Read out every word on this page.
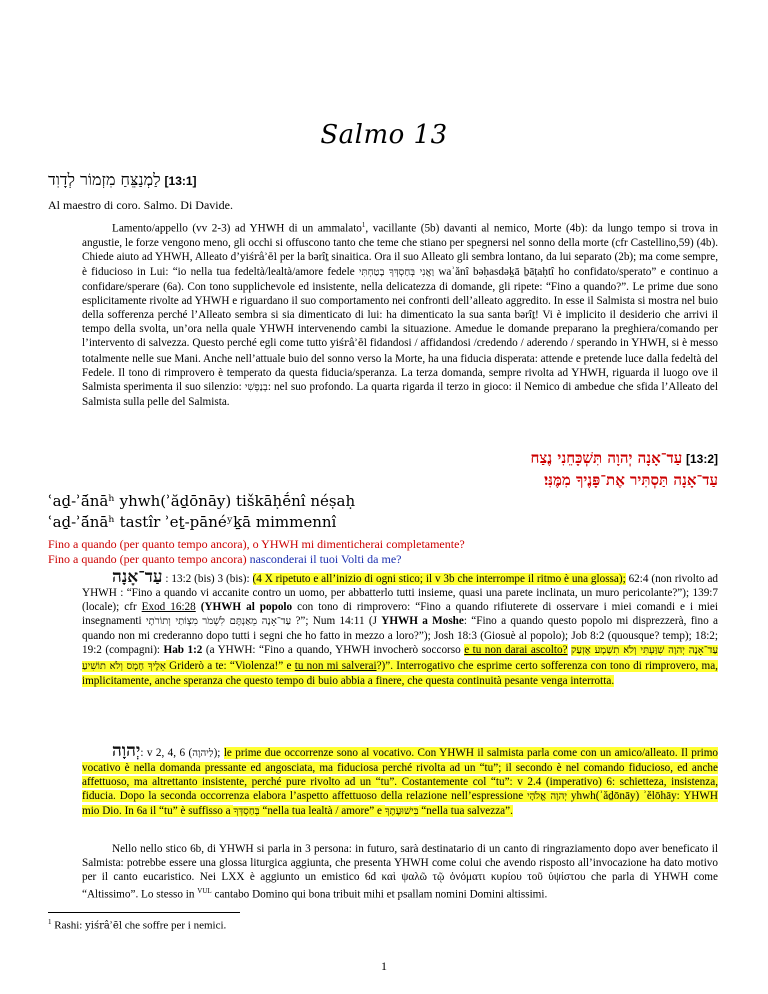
Salmo 13
לַמְנַצֵּחַ מִזְמוֹר לְדָוִד [13:1]
Al maestro di coro. Salmo. Di Davide.

Lamento/appello (vv 2-3) ad YHWH di un ammalato$^1$, vacillante (5b) davanti al nemico, Morte (4b): da lungo tempo si trova in angustie, le forze vengono meno, gli occhi si offuscono tanto che teme che stiano per spegnersi nel sonno della morte (cfr Castellino,59) (4b). Chiede aiuto ad YHWH, Alleato d’yiśrâʾēl per la bərîṯ sinaitica. Ora il suo Alleato gli sembra lontano, da lui separato (2b); ma come sempre, è fiducioso in Lui: “io nella tua fedeltà/lealtà/amore fedele וַאֲנִי בְּחַסְדְּךָ בָטַחְתִּי waʾănî bəḥasdəḵā ḇāṭaḥtî ho confidato/sperato” e continuo a confidare/sperare (6a). Con tono supplichevole ed insistente, nella delicatezza di domande, gli ripete: “Fino a quando?”. Le prime due sono esplicitamente rivolte ad YHWH e riguardano il suo comportamento nei confronti dell’alleato aggredito. In esse il Salmista si mostra nel buio della sofferenza perché l’Alleato sembra si sia dimenticato di lui: ha dimenticato la sua santa bərîṯ! Vi è implicito il desiderio che arrivi il tempo della svolta, un’ora nella quale YHWH intervenendo cambi la situazione. Amedue le domande preparano la preghiera/comando per l’intervento di salvezza. Questo perché egli come tutto yiśrâʾēl fidandosi / affidandosi /credendo / aderendo / sperando in YHWH, si è messo totalmente nelle sue Mani. Anche nell’attuale buio del sonno verso la Morte, ha una fiducia disperata: attende e pretende luce dalla fedeltà del Fedele. Il tono di rimprovero è temperato da questa fiducia/speranza. La terza domanda, sempre rivolta ad YHWH, riguarda il luogo ove il Salmista sperimenta il suo silenzio: בְנַפְשִׁי: nel suo profondo. La quarta rigarda il terzo in gioco: il Nemico di ambedue che sfida l’Alleato del Salmista sulla pelle del Salmista.

עַד־אָנָה יְהוָה תִּשְׁכָּחֵנִי נֶצַח [13:2]
עַד־אָנָה תַּסְתִּיר אֶת־פָּנֶיךָ מִמֶּנִּי׃
ʿaḏ-ʾā́nāʰ yhwh(ʾăḏōnāy) tiškāḥḗnî néṣaḥ
ʿaḏ-ʾā́nāʰ tastîr ʾeṯ-pānéʸḵā mimmennî
Fino a quando (per quanto tempo ancora), o YHWH mi dimenticherai completamente?
Fino a quando (per quanto tempo ancora) nasconderai il tuoi Volti da me?

עַד־אָנָה : 13:2 (bis) 3 (bis): (4 X ripetuto e all’inizio di ogni stico; il v 3b che interrompe il ritmo è una glossa); 62:4 (non rivolto ad YHWH : “Fino a quando vi accanite contro un uomo, per abbatterlo tutti insieme, quasi una parete inclinata, un muro pericolante?”); 139:7 (locale); cfr Exod 16:28 (YHWH al popolo con tono di rimprovero: “Fino a quando rifiuterete di osservare i miei comandi e i miei insegnamenti מִצְוֹתַי וְתוֹרֹתָי עַד־אָנָה מֵאַנְתֶּם לִשְׁמֹר ?”; Num 14:11 (J YHWH a Moshe: “Fino a quando questo popolo mi disprezzerà, fino a quando non mi crederanno dopo tutti i segni che ho fatto in mezzo a loro?”); Josh 18:3 (Giosuè al popolo); Job 8:2 (quousque? temp); 18:2; 19:2 (compagni): Hab 1:2 (a YHWH: “Fino a quando, YHWH invocherò soccorso e tu non darai ascolto? עַד־אָנָה יְהוָה שִׁוַּעְתִּי וְלֹא תִשְׁמָע אֶזְעַק אֵלֶיךָ חָמָס וְלֹא תוֹשִׁיעַ Griderò a te: “Violenza!” e tu non mi salverai?)”. Interrogativo che esprime certo sofferenza con tono di rimprovero, ma, implicitamente, anche speranza che questo tempo di buio abbia a finere, che questa continuità pesante venga interrotta.

יְהוָה: v 2, 4, 6 (לַיהוָה); le prime due occorrenze sono al vocativo. Con YHWH il salmista parla come con un amico/alleato. Il primo vocativo è nella domanda pressante ed angosciata, ma fiduciosa perché rivolta ad un “tu”; il secondo è nel comando fiducioso, ed anche affettuoso, ma altrettanto insistente, perché pure rivolto ad un “tu”. Costantemente col “tu”: v 2.4 (imperativo) 6: schietteza, insistenza, fiducia. Dopo la seconda occorrenza elabora l’aspetto affettuoso della relazione nell’espressione יְהוָה אֱלֹהָי yhwh(ʾăḏōnāy) ʾĕlōhāy: YHWH mio Dio. In 6a il “tu” è suffisso a בְּחַסְדְּךָ “nella tua lealtà / amore” e בִּישׁוּעָתֶךָ “nella tua salvezza”.

Nello nello stico 6b, di YHWH si parla in 3 persona: in futuro, sarà destinatario di un canto di ringraziamento dopo aver beneficato il Salmista: potrebbe essere una glossa liturgica aggiunta, che presenta YHWH come colui che avendo risposto all’invocazione ha dato motivo per il canto eucaristico. Nei LXX è aggiunto un emistico 6d καὶ ψαλῶ τῷ ὀνόματι κυρίου τοῦ ὑψίστου che parla di YHWH come “Altissimo”. Lo stesso in $^{VUL}$ cantabo Domino qui bona tribuit mihi et psallam nomini Domini altissimi.

$^1$ Rashi: yiśrâʾēl che soffre per i nemici.
1
